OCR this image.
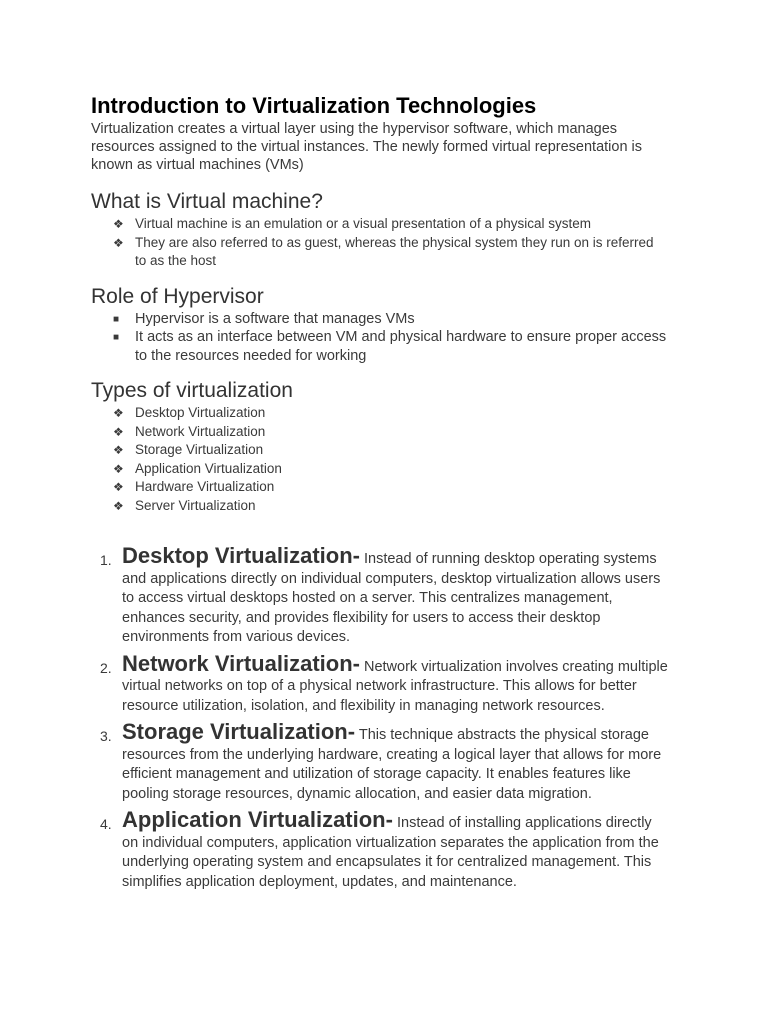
Introduction to Virtualization Technologies

Virtualization creates a virtual layer using the hypervisor software, which manages resources assigned to the virtual instances. The newly formed virtual representation is known as virtual machines (VMs)

What is Virtual machine?
❖ Virtual machine is an emulation or a visual presentation of a physical system
❖ They are also referred to as guest, whereas the physical system they run on is referred to as the host
Role of Hypervisor
■ Hypervisor is a software that manages VMs
■ It acts as an interface between VM and physical hardware to ensure proper access to the resources needed for working
Types of virtualization
❖ Desktop Virtualization
❖ Network Virtualization
❖ Storage Virtualization
❖ Application Virtualization
❖ Hardware Virtualization
❖ Server Virtualization
1. Desktop Virtualization- Instead of running desktop operating systems and applications directly on individual computers, desktop virtualization allows users to access virtual desktops hosted on a server. This centralizes management, enhances security, and provides flexibility for users to access their desktop environments from various devices.
2. Network Virtualization- Network virtualization involves creating multiple virtual networks on top of a physical network infrastructure. This allows for better resource utilization, isolation, and flexibility in managing network resources.
3. Storage Virtualization- This technique abstracts the physical storage resources from the underlying hardware, creating a logical layer that allows for more efficient management and utilization of storage capacity. It enables features like pooling storage resources, dynamic allocation, and easier data migration.
4. Application Virtualization- Instead of installing applications directly on individual computers, application virtualization separates the application from the underlying operating system and encapsulates it for centralized management. This simplifies application deployment, updates, and maintenance.
